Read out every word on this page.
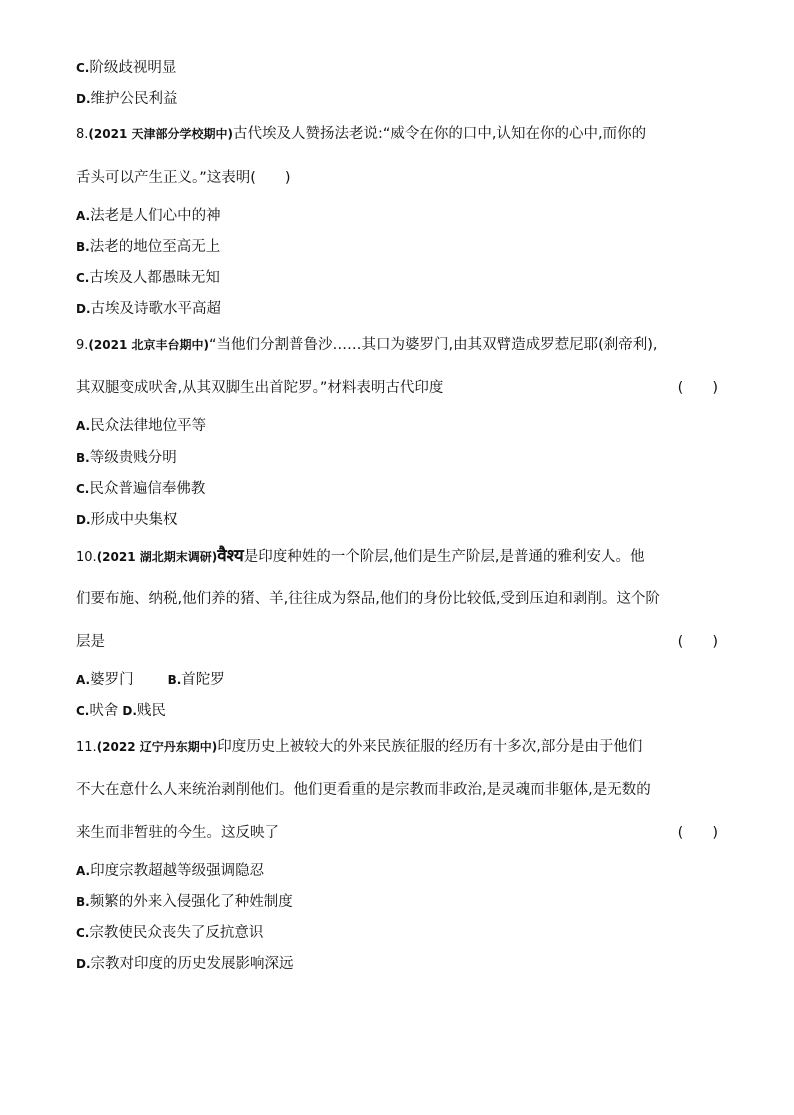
C.阶级歧视明显
D.维护公民利益
8.(2021 天津部分学校期中)古代埃及人赞扬法老说:“威令在你的口中,认知在你的心中,而你的
舌头可以产生正义。”这表明(　　)
A.法老是人们心中的神
B.法老的地位至高无上
C.古埃及人都愚昧无知
D.古埃及诗歌水平高超
9.(2021 北京丰台期中)“当他们分割普鲁沙……其口为婆罗门,由其双臂造成罗惹尼耶(刹帝利),
其双腿变成吠舍,从其双脚生出首陀罗。”材料表明古代印度	(　　)
A.民众法律地位平等
B.等级贵贱分明
C.民众普遍信奉佛教
D.形成中央集权
10.(2021 湖北期末调研)वैश्य是印度种姓的一个阶层,他们是生产阶层,是普通的雅利安人。他
们要布施、纳税,他们养的猪、羊,往往成为祭品,他们的身份比较低,受到压迫和剥削。这个阶
层是	(　　)
A.婆罗门	B.首陀罗
C.吠舍 D.贱民
11.(2022 辽宁丹东期中)印度历史上被较大的外来民族征服的经历有十多次,部分是由于他们
不大在意什么人来统治剥削他们。他们更看重的是宗教而非政治,是灵魂而非躯体,是无数的
来生而非暂驻的今生。这反映了	(　　)
A.印度宗教超越等级强调隐忍
B.频繁的外来入侵强化了种姓制度
C.宗教使民众丧失了反抗意识
D.宗教对印度的历史发展影响深远
